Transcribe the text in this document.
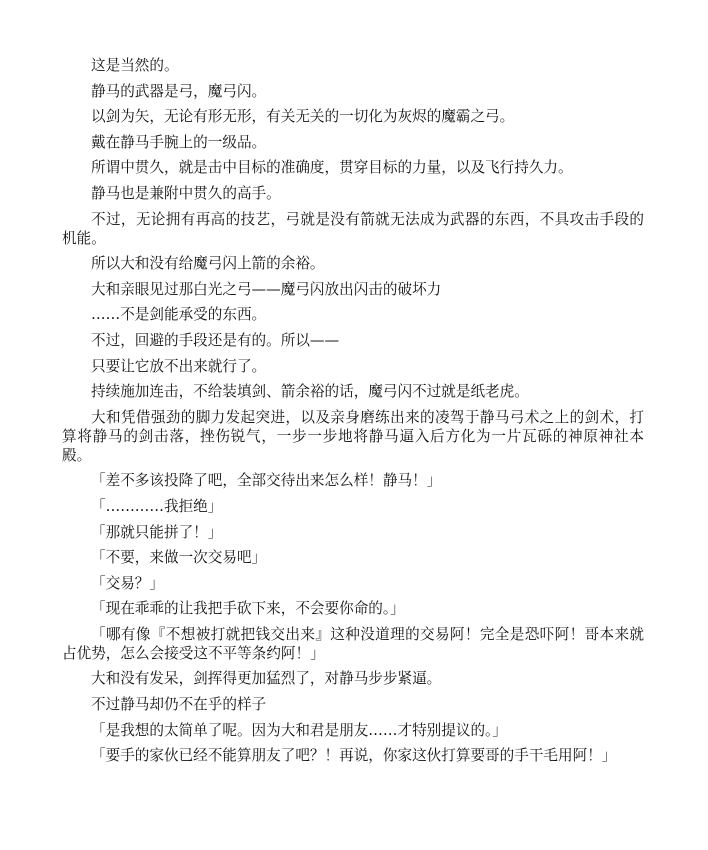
这是当然的。

静马的武器是弓，魔弓闪。

以剑为矢，无论有形无形，有关无关的一切化为灰烬的魔霸之弓。

戴在静马手腕上的一级品。

所谓中贯久，就是击中目标的准确度，贯穿目标的力量，以及飞行持久力。

静马也是兼附中贯久的高手。

不过，无论拥有再高的技艺，弓就是没有箭就无法成为武器的东西，不具攻击手段的机能。

所以大和没有给魔弓闪上箭的余裕。

大和亲眼见过那白光之弓——魔弓闪放出闪击的破坏力

……不是剑能承受的东西。

不过，回避的手段还是有的。所以——

只要让它放不出来就行了。

持续施加连击，不给装填剑、箭余裕的话，魔弓闪不过就是纸老虎。

大和凭借强劲的脚力发起突进，以及亲身磨练出来的凌驾于静马弓术之上的剑术，打算将静马的剑击落，挫伤锐气，一步一步地将静马逼入后方化为一片瓦砾的神原神社本殿。

「差不多该投降了吧，全部交待出来怎么样！静马！」

「…………我拒绝」

「那就只能拼了！」

「不要，来做一次交易吧」

「交易？」

「现在乖乖的让我把手砍下来，不会要你命的。」

「哪有像『不想被打就把钱交出来』这种没道理的交易阿！完全是恐吓阿！哥本来就占优势，怎么会接受这不平等条约阿！」

大和没有发呆，剑挥得更加猛烈了，对静马步步紧逼。

不过静马却仍不在乎的样子

「是我想的太简单了呢。因为大和君是朋友……才特别提议的。」

「要手的家伙已经不能算朋友了吧？！再说，你家这伙打算要哥的手干毛用阿！」
